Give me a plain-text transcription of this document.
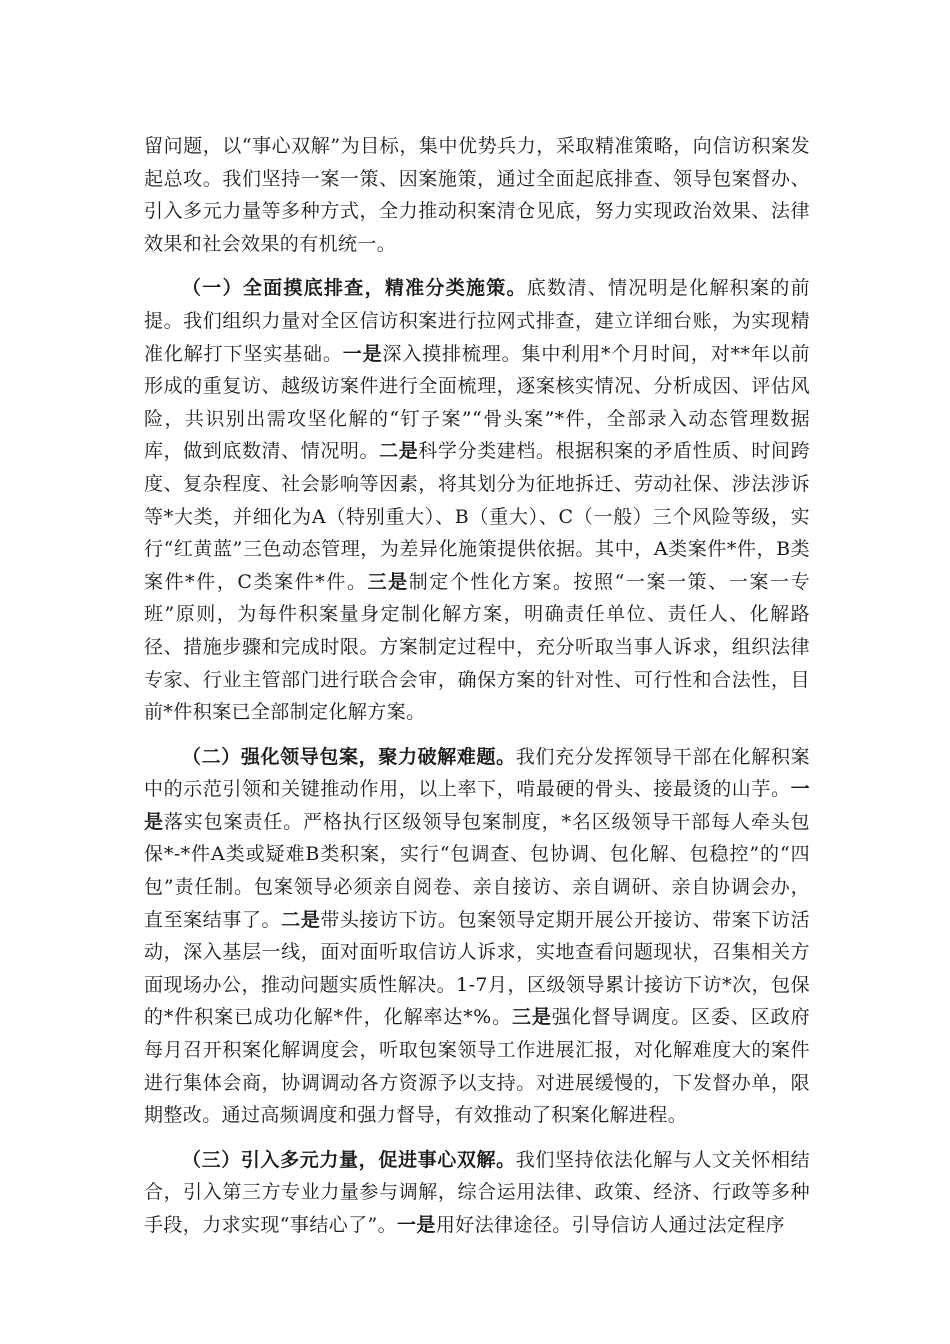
留问题，以“事心双解”为目标，集中优势兵力，采取精准策略，向信访积案发起总攻。我们坚持一案一策、因案施策，通过全面起底排查、领导包案督办、引入多元力量等多种方式，全力推动积案清仓见底，努力实现政治效果、法律效果和社会效果的有机统一。

（一）全面摸底排查，精准分类施策。底数清、情况明是化解积案的前提。我们组织力量对全区信访积案进行拉网式排查，建立详细台账，为实现精准化解打下坚实基础。一是深入摸排梳理。集中利用*个月时间，对**年以前形成的重复访、越级访案件进行全面梳理，逐案核实情况、分析成因、评估风险，共识别出需攻坚化解的“钉子案”“骨头案”*件，全部录入动态管理数据库，做到底数清、情况明。二是科学分类建档。根据积案的矛盾性质、时间跨度、复杂程度、社会影响等因素，将其划分为征地拆迁、劳动社保、涉法涉诉等*大类，并细化为A（特别重大）、B（重大）、C（一般）三个风险等级，实行“红黄蓝”三色动态管理，为差异化施策提供依据。其中，A类案件*件，B类案件*件，C类案件*件。三是制定个性化方案。按照“一案一策、一案一专班”原则，为每件积案量身定制化解方案，明确责任单位、责任人、化解路径、措施步骤和完成时限。方案制定过程中，充分听取当事人诉求，组织法律专家、行业主管部门进行联合会审，确保方案的针对性、可行性和合法性，目前*件积案已全部制定化解方案。

（二）强化领导包案，聚力破解难题。我们充分发挥领导干部在化解积案中的示范引领和关键推动作用，以上率下，啃最硬的骨头、接最烫的山芋。一是落实包案责任。严格执行区级领导包案制度，*名区级领导干部每人牵头包保*-*件A类或疑难B类积案，实行“包调查、包协调、包化解、包稳控”的“四包”责任制。包案领导必须亲自阅卷、亲自接访、亲自调研、亲自协调会办，直至案结事了。二是带头接访下访。包案领导定期开展公开接访、带案下访活动，深入基层一线，面对面听取信访人诉求，实地查看问题现状，召集相关方面现场办公，推动问题实质性解决。1-7月，区级领导累计接访下访*次，包保的*件积案已成功化解*件，化解率达*%。三是强化督导调度。区委、区政府每月召开积案化解调度会，听取包案领导工作进展汇报，对化解难度大的案件进行集体会商，协调调动各方资源予以支持。对进展缓慢的，下发督办单，限期整改。通过高频调度和强力督导，有效推动了积案化解进程。

（三）引入多元力量，促进事心双解。我们坚持依法化解与人文关怀相结合，引入第三方专业力量参与调解，综合运用法律、政策、经济、行政等多种手段，力求实现“事结心了”。一是用好法律途径。引导信访人通过法定程序
